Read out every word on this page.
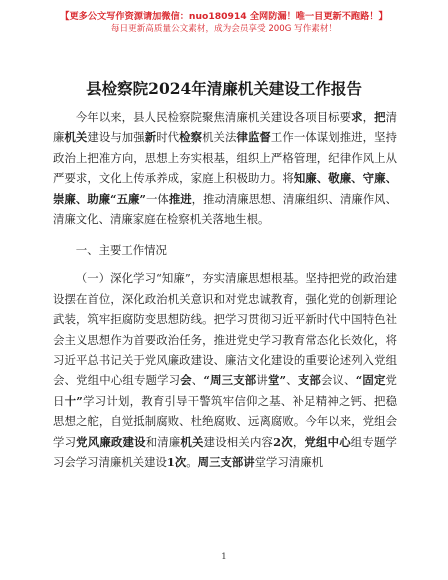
【更多公文写作资源请加微信：nuo180914 全网防漏！唯一目更新不跑路！】
每日更新高质量公文素材，成为会员享受 200G 写作素材！
县检察院2024年清廉机关建设工作报告

今年以来，县人民检察院聚焦清廉机关建设各项目标要求，把清廉机关建设与加强新时代检察机关法律监督工作一体谋划推进，坚持政治上把准方向，思想上夯实根基，组织上严格管理，纪律作风上从严要求，文化上传承养成，家庭上积极助力。将知廉、敬廉、守廉、崇廉、助廉“五廉”一体推进，推动清廉思想、清廉组织、清廉作风、清廉文化、清廉家庭在检察机关落地生根。

一、主要工作情况

（一）深化学习“知廉”，夯实清廉思想根基。坚持把党的政治建设摆在首位，深化政治机关意识和对党忠诚教育，强化党的创新理论武装，筑牢拒腐防变思想防线。把学习贯彻习近平新时代中国特色社会主义思想作为首要政治任务，推进党史学习教育常态化长效化，将习近平总书记关于党风廉政建设、廉洁文化建设的重要论述列入党组会、党组中心组专题学习会、“周三支部讲堂”、支部会议、“固定党日十”学习计划，教育引导干警筑牢信仰之基、补足精神之钙、把稳思想之舵，自觉抵制腐败、杜绝腐败、远离腐败。今年以来，党组会学习党风廉政建设和清廉机关建设相关内容2次，党组中心组专题学习会学习清廉机关建设1次。周三支部讲堂学习清廉机

1
